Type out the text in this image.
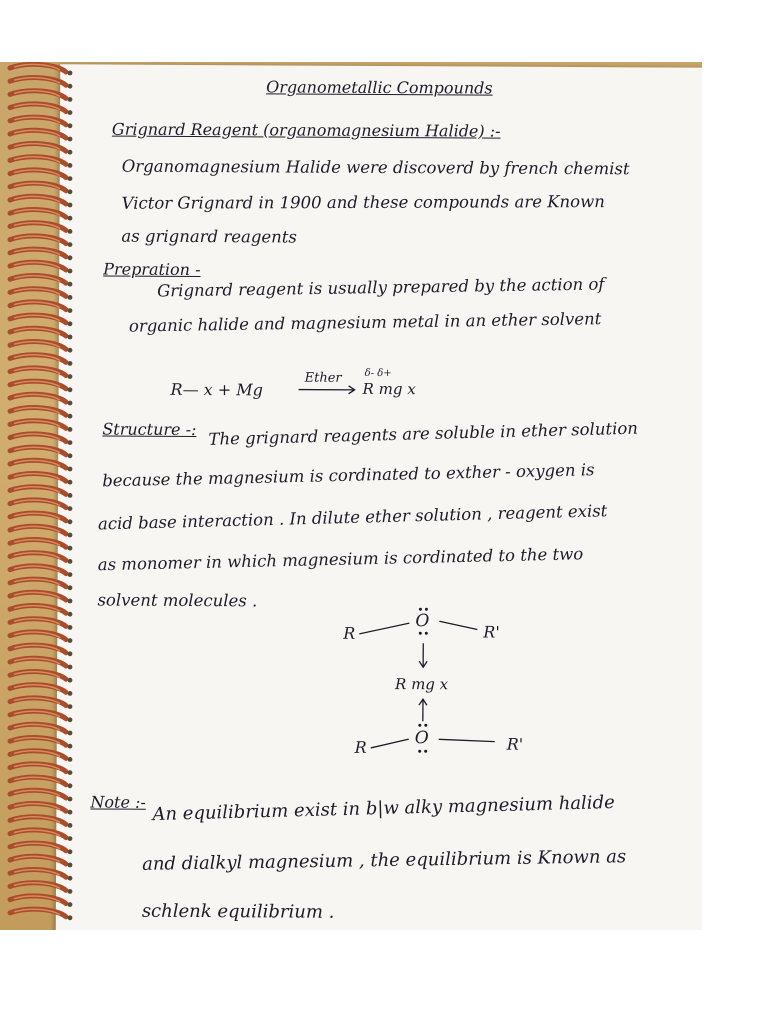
Organometallic Compounds
Grignard Reagent (organomagnesium Halide) :-
Organomagnesium Halide were discoverd by french chemist
Victor Grignard in 1900 and these compounds are Known
as grignard reagents
Prepration -
Grignard reagent is usually prepared by the action of
organic halide and magnesium metal in an ether solvent
R— x + Mg
Ether δ- δ+
R mg x
Structure -: The grignard reagents are soluble in ether solution
because the magnesium is cordinated to exther - oxygen is
acid base interaction . In dilute ether solution , reagent exist
as monomer in which magnesium is cordinated to the two
solvent molecules .
R
O
R'
R mg x
R	O	R'
Note :- An equilibrium exist in b|w alky magnesium halide
and dialkyl magnesium , the equilibrium is Known as
schlenk equilibrium .
